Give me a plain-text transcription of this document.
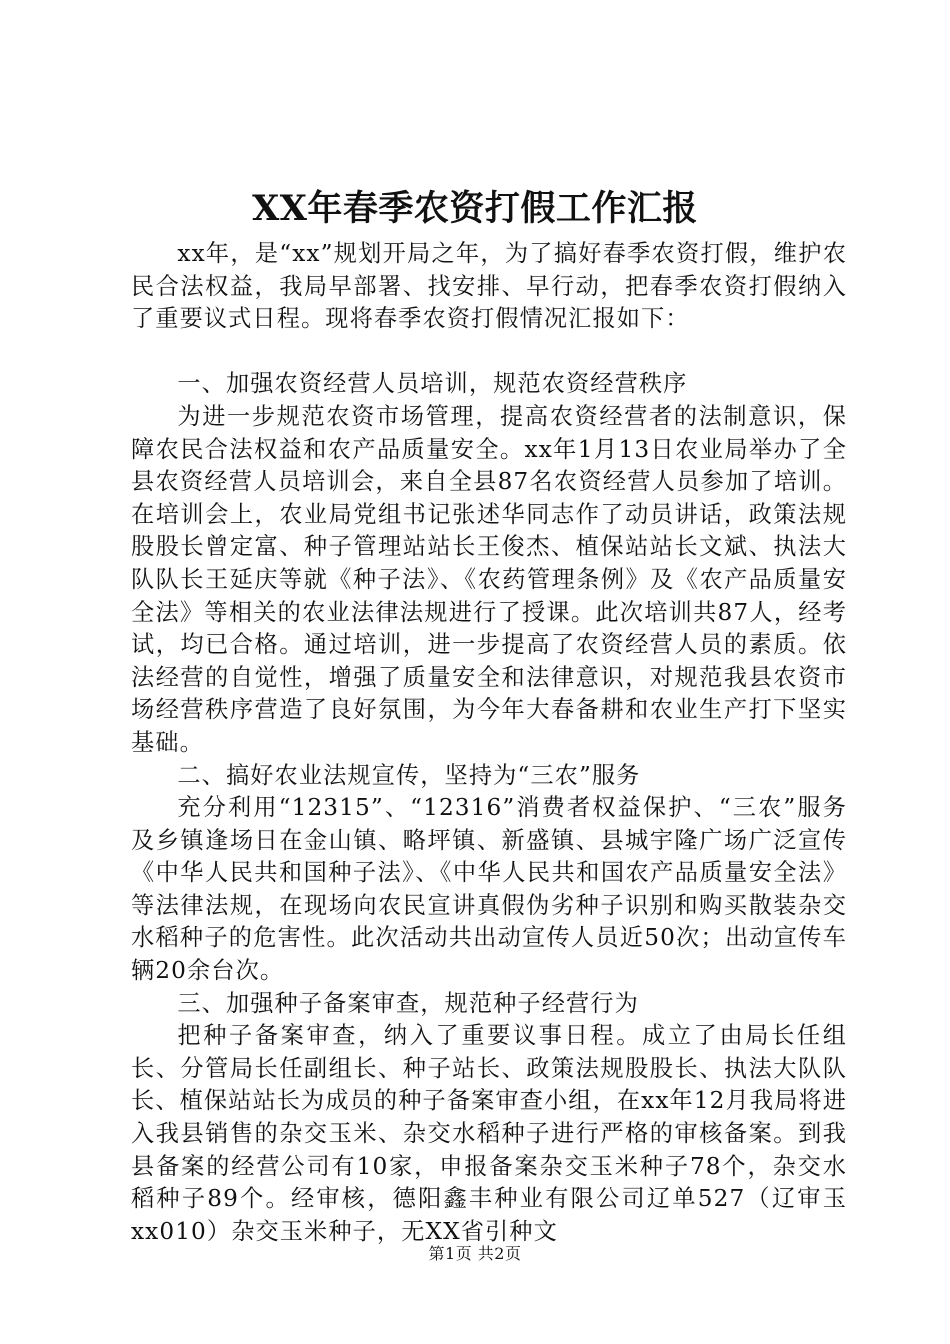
XX年春季农资打假工作汇报

xx年，是“xx”规划开局之年，为了搞好春季农资打假，维护农民合法权益，我局早部署、找安排、早行动，把春季农资打假纳入了重要议式日程。现将春季农资打假情况汇报如下：

一、加强农资经营人员培训，规范农资经营秩序

为进一步规范农资市场管理，提高农资经营者的法制意识，保障农民合法权益和农产品质量安全。xx年1月13日农业局举办了全县农资经营人员培训会，来自全县87名农资经营人员参加了培训。在培训会上，农业局党组书记张述华同志作了动员讲话，政策法规股股长曾定富、种子管理站站长王俊杰、植保站站长文斌、执法大队队长王延庆等就《种子法》、《农药管理条例》及《农产品质量安全法》等相关的农业法律法规进行了授课。此次培训共87人，经考试，均已合格。通过培训，进一步提高了农资经营人员的素质。依法经营的自觉性，增强了质量安全和法律意识，对规范我县农资市场经营秩序营造了良好氛围，为今年大春备耕和农业生产打下坚实基础。

二、搞好农业法规宣传，坚持为“三农”服务

充分利用“12315”、“12316”消费者权益保护、“三农”服务及乡镇逢场日在金山镇、略坪镇、新盛镇、县城宇隆广场广泛宣传《中华人民共和国种子法》、《中华人民共和国农产品质量安全法》等法律法规，在现场向农民宣讲真假伪劣种子识别和购买散装杂交水稻种子的危害性。此次活动共出动宣传人员近50次；出动宣传车辆20余台次。

三、加强种子备案审查，规范种子经营行为

把种子备案审查，纳入了重要议事日程。成立了由局长任组长、分管局长任副组长、种子站长、政策法规股股长、执法大队队长、植保站站长为成员的种子备案审查小组，在xx年12月我局将进入我县销售的杂交玉米、杂交水稻种子进行严格的审核备案。到我县备案的经营公司有10家，申报备案杂交玉米种子78个，杂交水稻种子89个。经审核，德阳鑫丰种业有限公司辽单527（辽审玉xx010）杂交玉米种子，无XX省引种文

第1页 共2页
